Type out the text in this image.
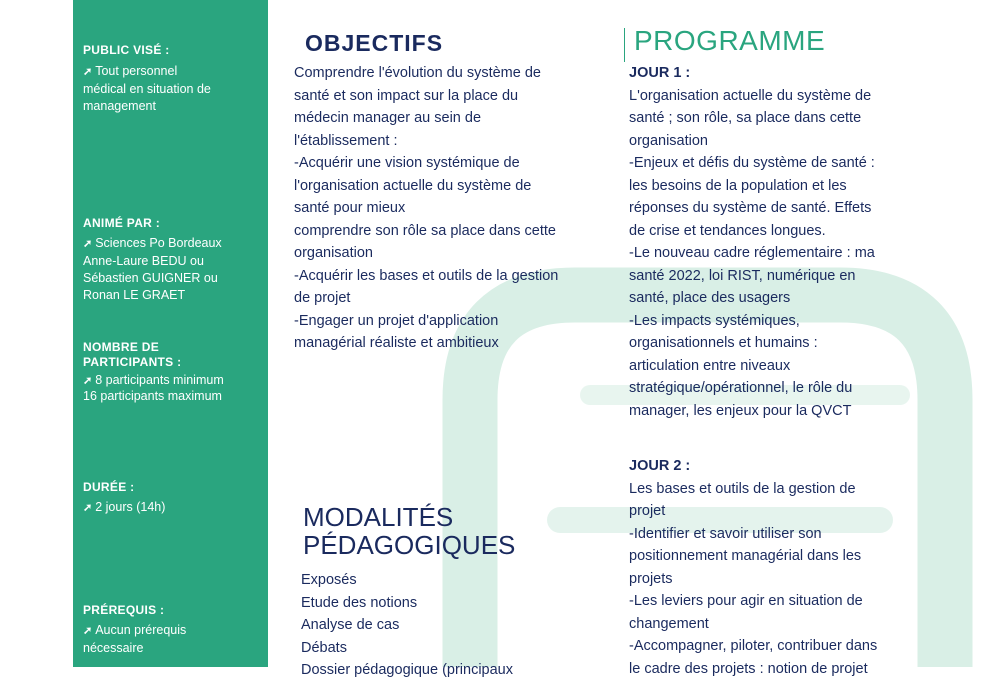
PUBLIC VISÉ :
➚ Tout personnel
médical en situation de
management
ANIMÉ PAR :
➚ Sciences Po Bordeaux
Anne-Laure BEDU ou
Sébastien GUIGNER ou
Ronan LE GRAET
NOMBRE DE
PARTICIPANTS :
➚ 8 participants minimum
16 participants maximum
DURÉE :
➚ 2 jours (14h)
PRÉREQUIS :
➚ Aucun prérequis
nécessaire
OBJECTIFS
Comprendre l'évolution du système de
santé et son impact sur la place du
médecin manager au sein de
l'établissement :
-Acquérir une vision systémique de
l'organisation actuelle du système de
santé pour mieux
comprendre son rôle sa place dans cette
organisation
-Acquérir les bases et outils de la gestion
de projet
-Engager un projet d'application
managérial réaliste et ambitieux
PROGRAMME
JOUR 1 :
L'organisation actuelle du système de
santé ; son rôle, sa place dans cette
organisation
-Enjeux et défis du système de santé :
les besoins de la population et les
réponses du système de santé. Effets
de crise et tendances longues.
-Le nouveau cadre réglementaire : ma
santé 2022, loi RIST, numérique en
santé, place des usagers
-Les impacts systémiques,
organisationnels et humains :
articulation entre niveaux
stratégique/opérationnel, le rôle du
manager, les enjeux pour la QVCT
JOUR 2 :
Les bases et outils de la gestion de
projet
-Identifier et savoir utiliser son
positionnement managérial dans les
projets
-Les leviers pour agir en situation de
changement
-Accompagner, piloter, contribuer dans
le cadre des projets : notion de projet
MODALITÉS
PÉDAGOGIQUES
Exposés
Etude des notions
Analyse de cas
Débats
Dossier pédagogique (principaux
